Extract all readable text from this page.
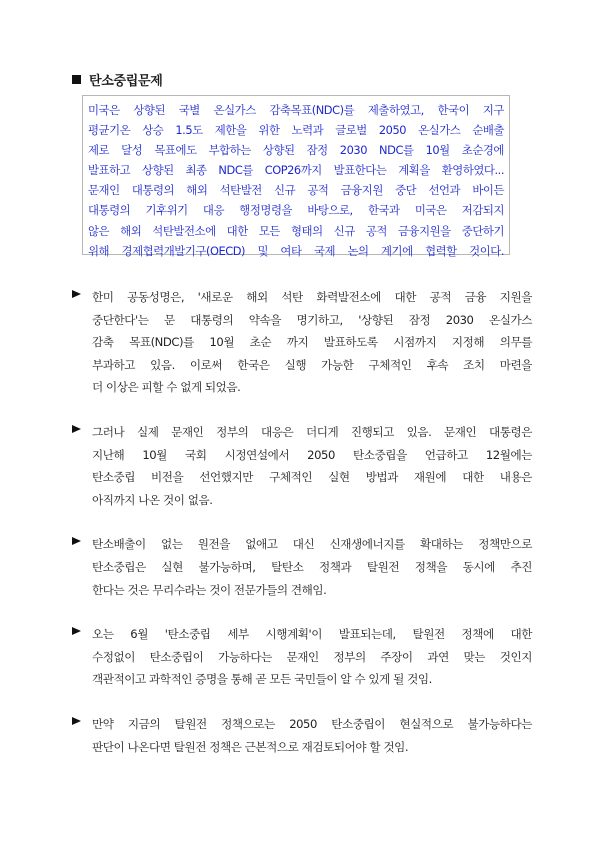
탄소중립문제
미국은 상향된 국별 온실가스 감축목표(NDC)를 제출하였고, 한국이 지구
평균기온 상승 1.5도 제한을 위한 노력과 글로벌 2050 온실가스 순배출
제로 달성 목표에도 부합하는 상향된 잠정 2030 NDC를 10월 초순경에
발표하고 상향된 최종 NDC를 COP26까지 발표한다는 계획을 환영하였다...
문재인 대통령의 해외 석탄발전 신규 공적 금융지원 중단 선언과 바이든
대통령의 기후위기 대응 행정명령을 바탕으로, 한국과 미국은 저감되지
않은 해외 석탄발전소에 대한 모든 형태의 신규 공적 금융지원을 중단하기
위해 경제협력개발기구(OECD) 및 여타 국제 논의 계기에 협력할 것이다.
한미 공동성명은, '새로운 해외 석탄 화력발전소에 대한 공적 금융 지원을
중단한다'는 문 대통령의 약속을 명기하고, '상향된 잠정 2030 온실가스
감축 목표(NDC)를 10월 초순 까지 발표하도록 시점까지 지정해 의무를
부과하고 있음. 이로써 한국은 실행 가능한 구체적인 후속 조치 마련을
더 이상은 피할 수 없게 되었음.
그러나 실제 문재인 정부의 대응은 더디게 진행되고 있음. 문재인 대통령은
지난해 10월 국회 시정연설에서 2050 탄소중립을 언급하고 12월에는
탄소중립 비전을 선언했지만 구체적인 실현 방법과 재원에 대한 내용은
아직까지 나온 것이 없음.
탄소배출이 없는 원전을 없애고 대신 신재생에너지를 확대하는 정책만으로
탄소중립은 실현 불가능하며, 탈탄소 정책과 탈원전 정책을 동시에 추진
한다는 것은 무리수라는 것이 전문가들의 견해임.
오는 6월 '탄소중립 세부 시행계획'이 발표되는데, 탈원전 정책에 대한
수정없이 탄소중립이 가능하다는 문재인 정부의 주장이 과연 맞는 것인지
객관적이고 과학적인 증명을 통해 곧 모든 국민들이 알 수 있게 될 것임.
만약 지금의 탈원전 정책으로는 2050 탄소중립이 현실적으로 불가능하다는
판단이 나온다면 탈원전 정책은 근본적으로 재검토되어야 할 것임.
